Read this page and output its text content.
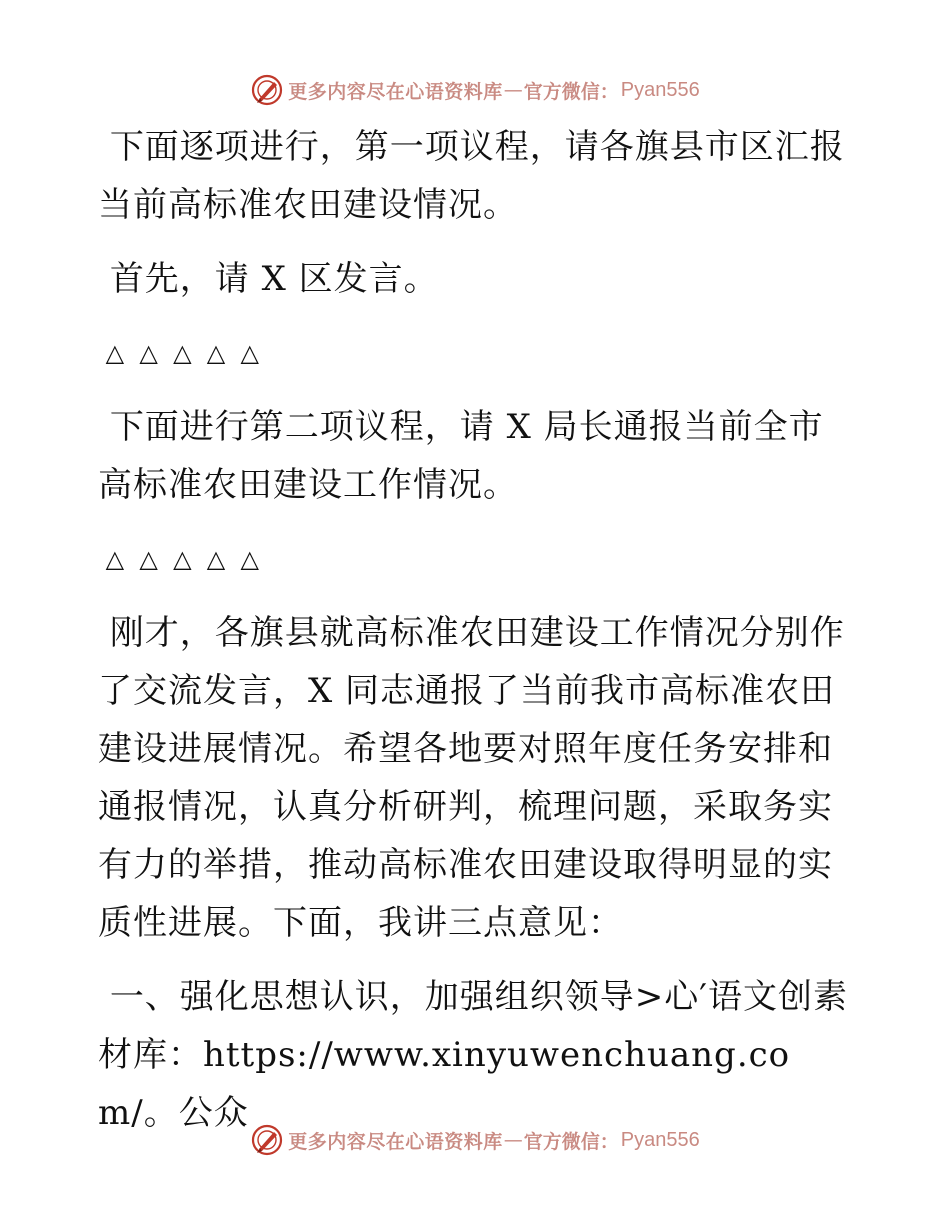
更多内容尽在心语资料库 — 官方微信： Pyan556

下面逐项进行，第一项议程，请各旗县市区汇报当前高标准农田建设情况。

首先，请 X 区发言。

△  △  △  △  △

下面进行第二项议程，请 X 局长通报当前全市高标准农田建设工作情况。

△  △  △  △  △

刚才，各旗县就高标准农田建设工作情况分别作了交流发言，X 同志通报了当前我市高标准农田建设进展情况。希望各地要对照年度任务安排和通报情况，认真分析研判，梳理问题，采取务实有力的举措，推动高标准农田建设取得明显的实质性进展。下面，我讲三点意见：

一、强化思想认识，加强组织领导>心′语文创素材库：https://www.xinyuwenchuang.com/。公众

更多内容尽在心语资料库 — 官方微信： Pyan556
